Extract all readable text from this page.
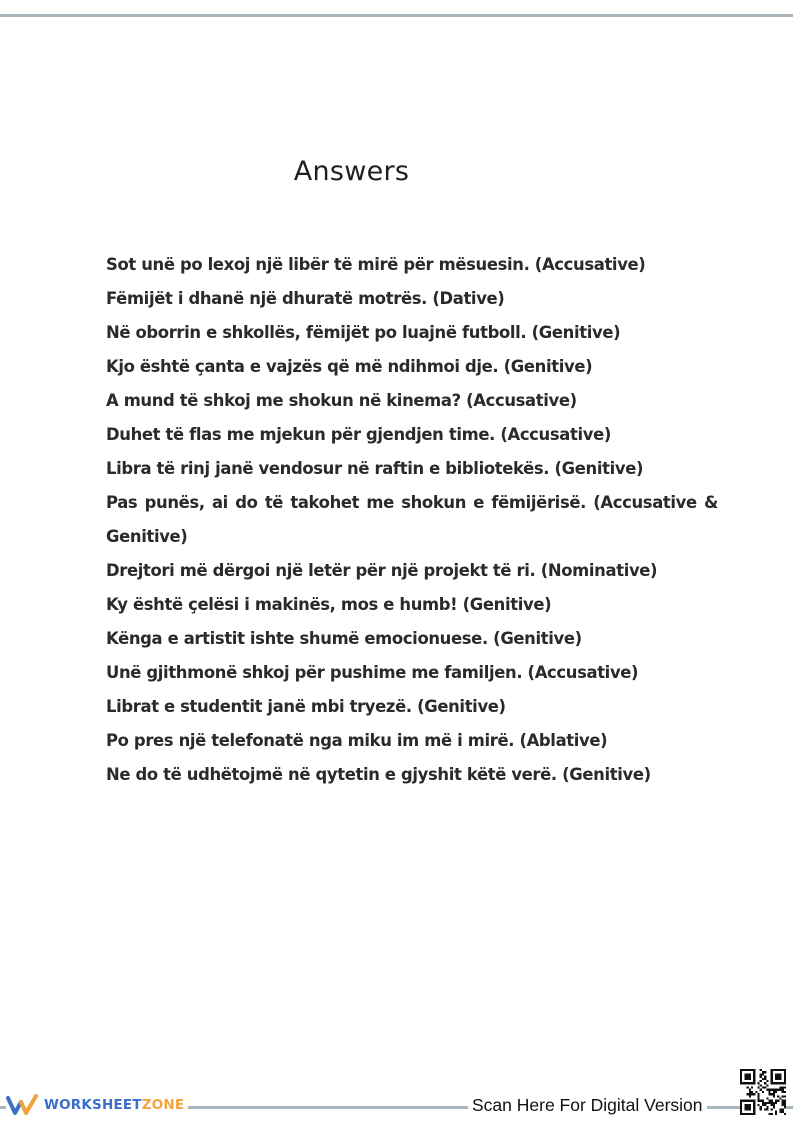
Answers
Sot unë po lexoj një libër të mirë për mësuesin. (Accusative)
Fëmijët i dhanë një dhuratë motrës. (Dative)
Në oborrin e shkollës, fëmijët po luajnë futboll. (Genitive)
Kjo është çanta e vajzës që më ndihmoi dje. (Genitive)
A mund të shkoj me shokun në kinema? (Accusative)
Duhet të flas me mjekun për gjendjen time. (Accusative)
Libra të rinj janë vendosur në raftin e bibliotekës. (Genitive)
Pas punës, ai do të takohet me shokun e fëmijërisë. (Accusative & Genitive)
Drejtori më dërgoi një letër për një projekt të ri. (Nominative)
Ky është çelësi i makinës, mos e humb! (Genitive)
Kënga e artistit ishte shumë emocionuese. (Genitive)
Unë gjithmonë shkoj për pushime me familjen. (Accusative)
Librat e studentit janë mbi tryezë. (Genitive)
Po pres një telefonatë nga miku im më i mirë. (Ablative)
Ne do të udhëtojmë në qytetin e gjyshit këtë verë. (Genitive)
WORKSHEETZONE	Scan Here For Digital Version
